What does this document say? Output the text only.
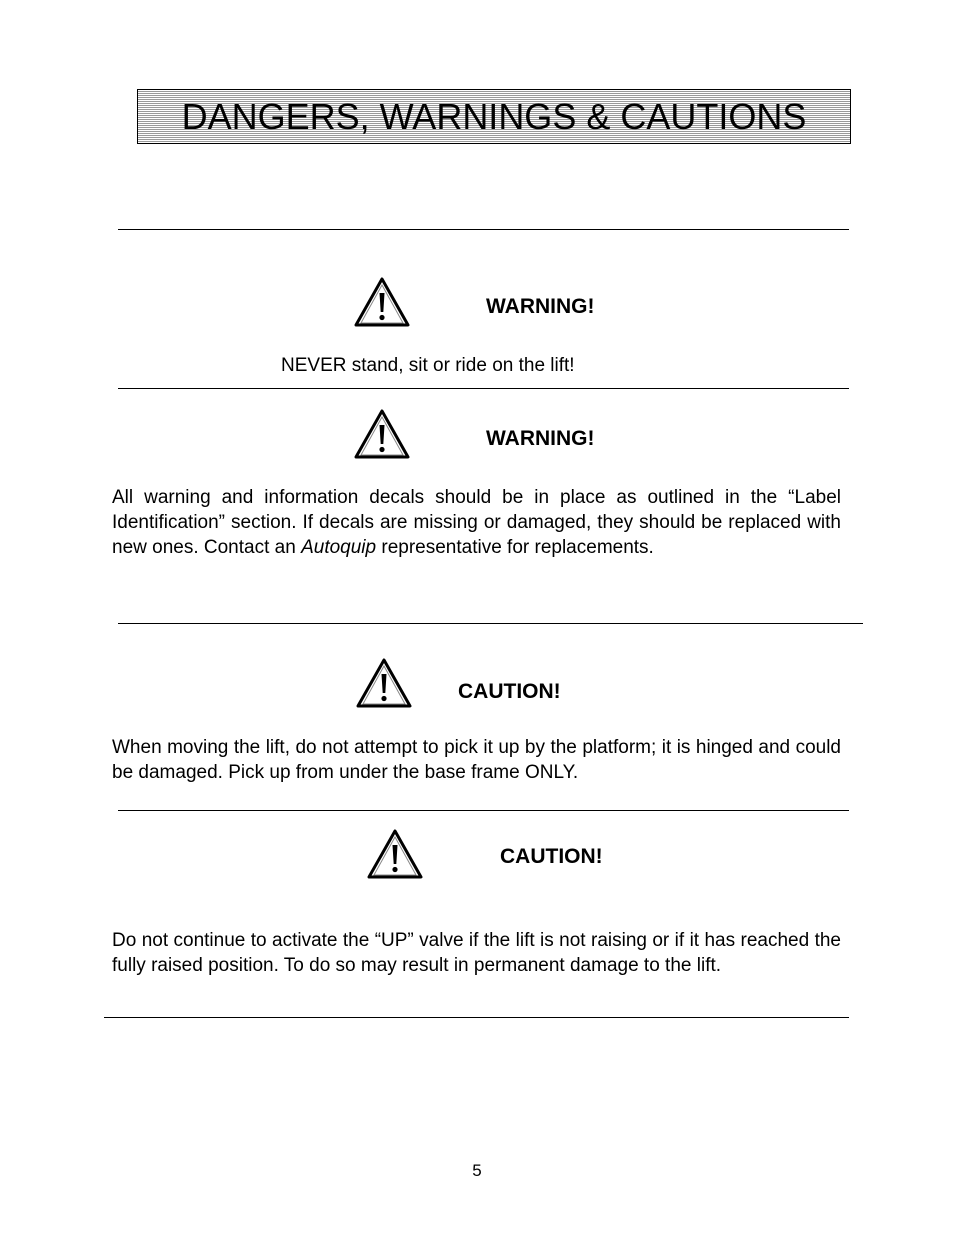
DANGERS, WARNINGS & CAUTIONS
WARNING!
NEVER stand, sit or ride on the lift!
WARNING!

All warning and information decals should be in place as outlined in the “Label Identification” section. If decals are missing or damaged, they should be replaced with new ones. Contact an Autoquip representative for replacements.

CAUTION!

When moving the lift, do not attempt to pick it up by the platform; it is hinged and could be damaged. Pick up from under the base frame ONLY.

CAUTION!

Do not continue to activate the “UP” valve if the lift is not raising or if it has reached the fully raised position. To do so may result in permanent damage to the lift.

5
